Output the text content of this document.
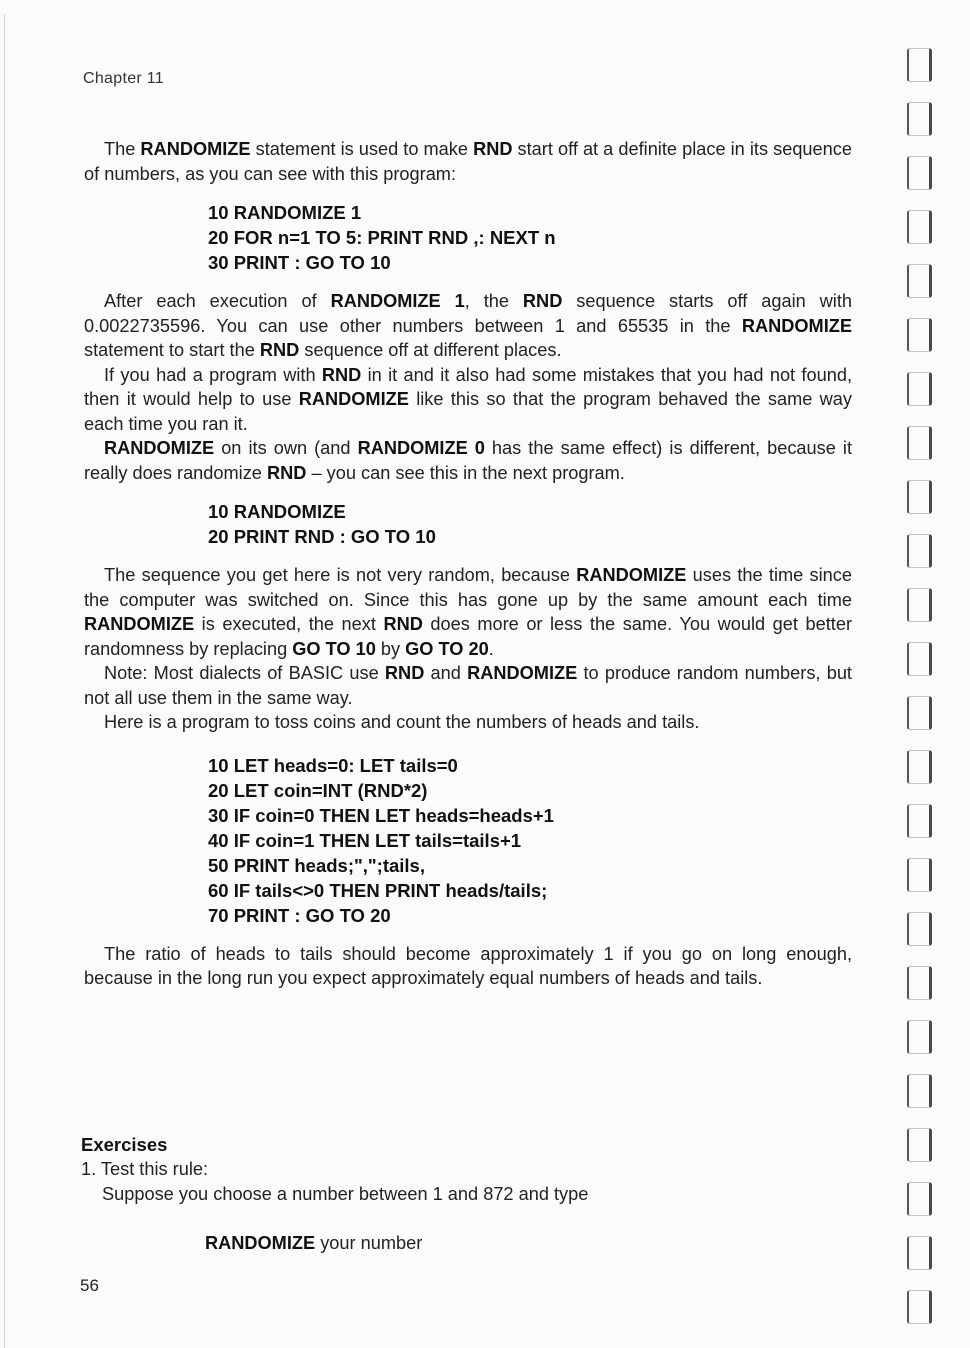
Chapter 11

The RANDOMIZE statement is used to make RND start off at a definite place in its sequence of numbers, as you can see with this program:

10 RANDOMIZE 1
20 FOR n=1 TO 5: PRINT RND ,: NEXT n
30 PRINT : GO TO 10

After each execution of RANDOMIZE 1, the RND sequence starts off again with 0.0022735596. You can use other numbers between 1 and 65535 in the RANDOMIZE statement to start the RND sequence off at different places.

If you had a program with RND in it and it also had some mistakes that you had not found, then it would help to use RANDOMIZE like this so that the program behaved the same way each time you ran it.

RANDOMIZE on its own (and RANDOMIZE 0 has the same effect) is different, because it really does randomize RND – you can see this in the next program.

10 RANDOMIZE
20 PRINT RND : GO TO 10

The sequence you get here is not very random, because RANDOMIZE uses the time since the computer was switched on. Since this has gone up by the same amount each time RANDOMIZE is executed, the next RND does more or less the same. You would get better randomness by replacing GO TO 10 by GO TO 20.

Note: Most dialects of BASIC use RND and RANDOMIZE to produce random numbers, but not all use them in the same way.

Here is a program to toss coins and count the numbers of heads and tails.

10 LET heads=0: LET tails=0
20 LET coin=INT (RND*2)
30 IF coin=0 THEN LET heads=heads+1
40 IF coin=1 THEN LET tails=tails+1
50 PRINT heads;",";tails,
60 IF tails<>0 THEN PRINT heads/tails;
70 PRINT : GO TO 20

The ratio of heads to tails should become approximately 1 if you go on long enough, because in the long run you expect approximately equal numbers of heads and tails.

Exercises
1. Test this rule:
Suppose you choose a number between 1 and 872 and type
RANDOMIZE your number
56
